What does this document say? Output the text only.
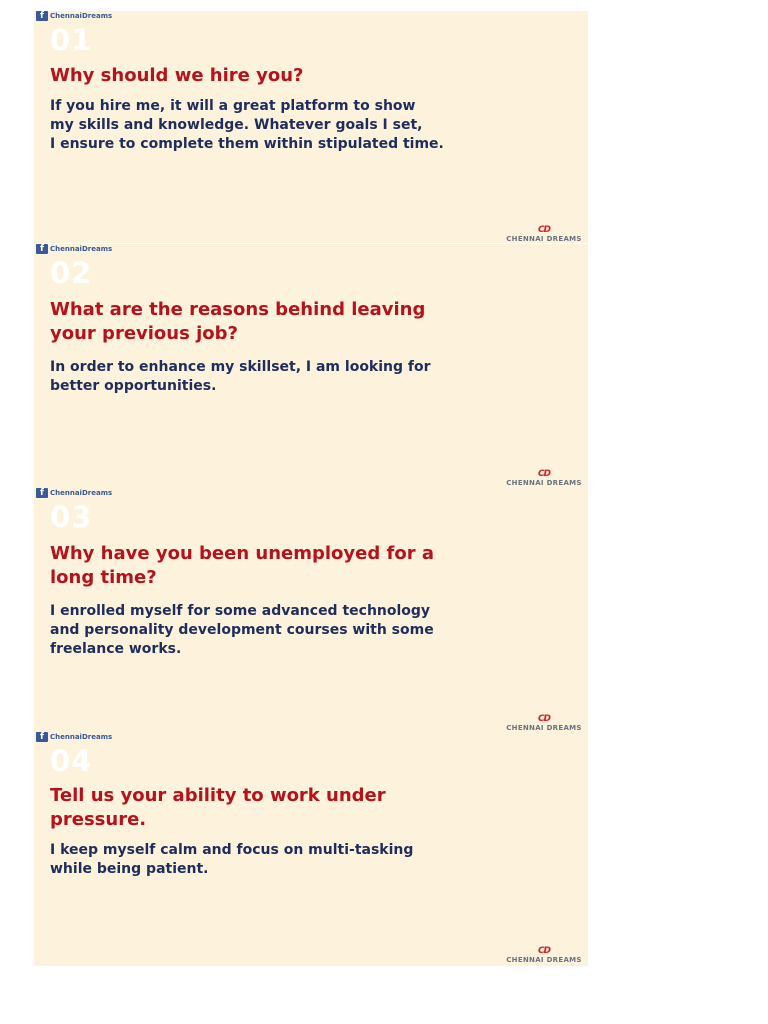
f ChennaiDreams
01
Why should we hire you?
If you hire me, it will a great platform to show
my skills and knowledge. Whatever goals I set,
I ensure to complete them within stipulated time.
CD
CHENNAI DREAMS
f ChennaiDreams
02
What are the reasons behind leaving
your previous job?
In order to enhance my skillset, I am looking for
better opportunities.
CD
CHENNAI DREAMS
f ChennaiDreams
03
Why have you been unemployed for a
long time?
I enrolled myself for some advanced technology
and personality development courses with some
freelance works.
CD
CHENNAI DREAMS
f ChennaiDreams
04
Tell us your ability to work under
pressure.
I keep myself calm and focus on multi-tasking
while being patient.
CD
CHENNAI DREAMS
